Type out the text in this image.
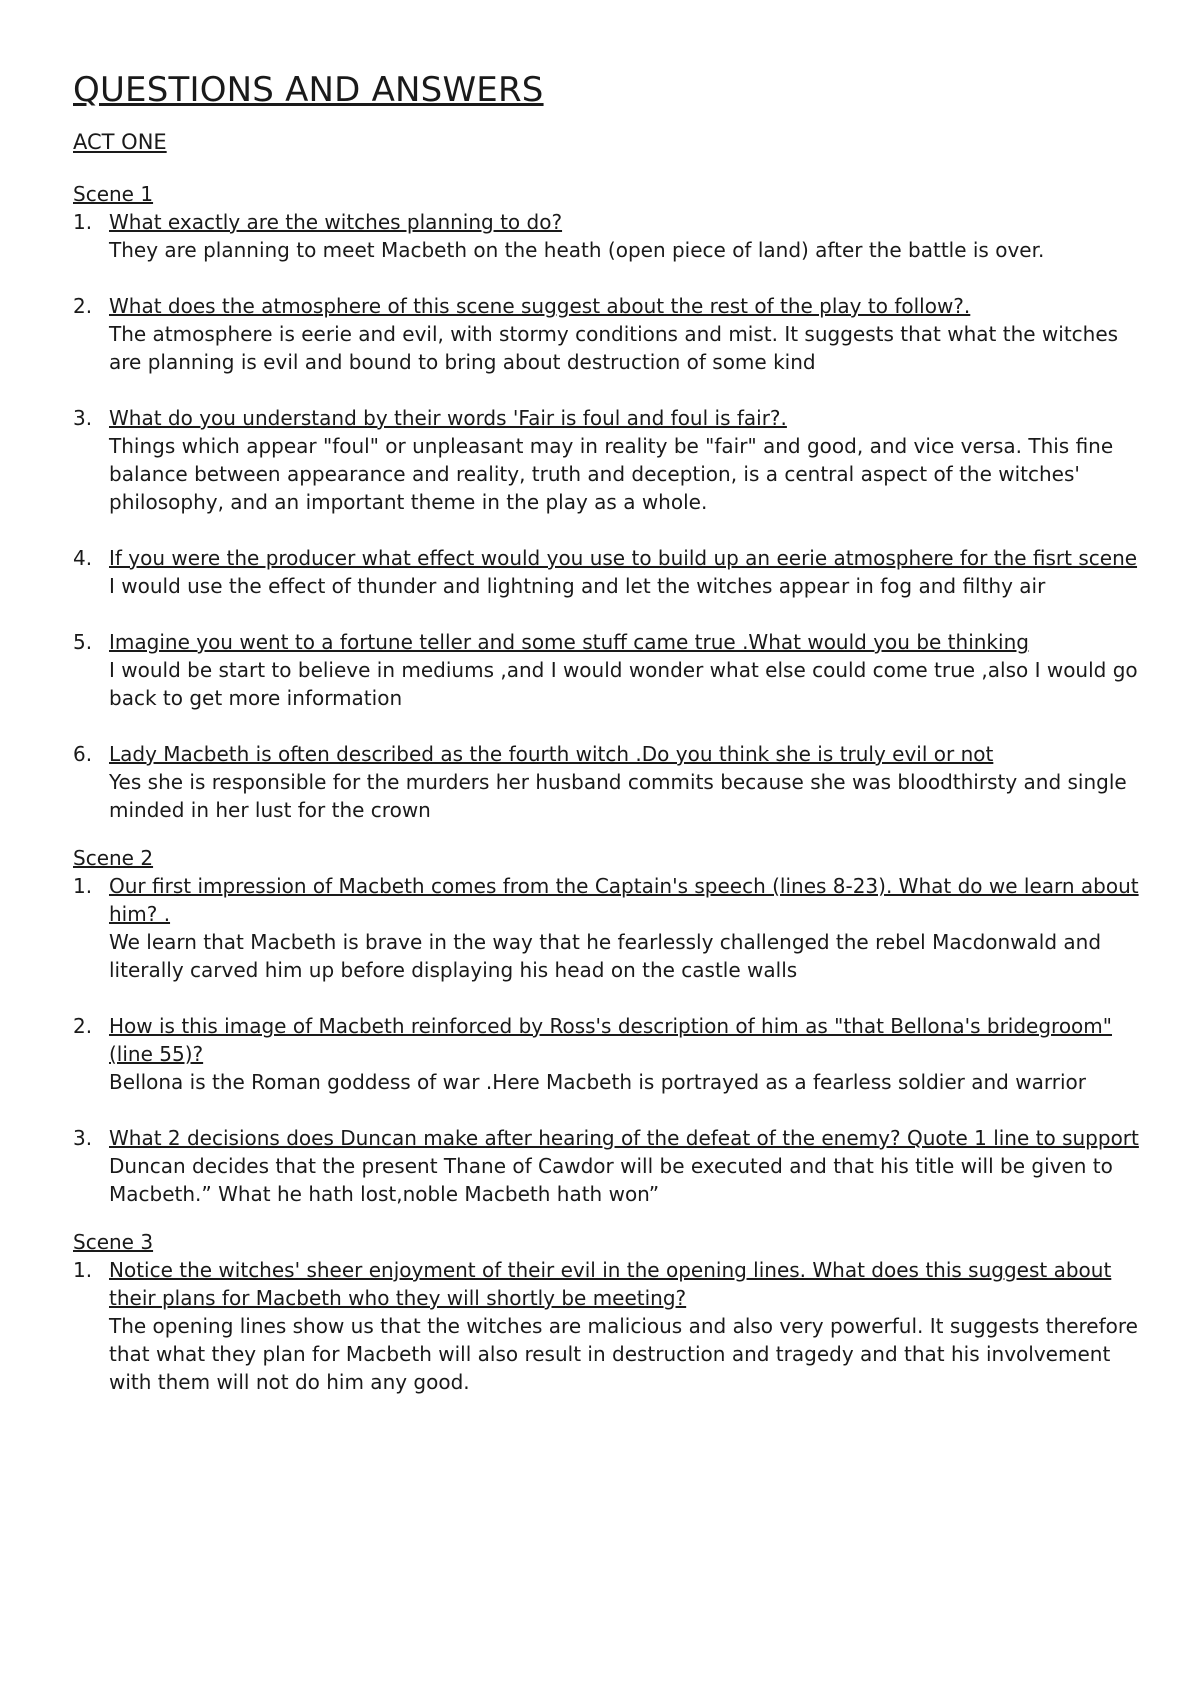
QUESTIONS AND ANSWERS
ACT ONE
Scene 1
1. What exactly are the witches planning to do?
They are planning to meet Macbeth on the heath (open piece of land) after the battle is over.
2. What does the atmosphere of this scene suggest about the rest of the play to follow?.
The atmosphere is eerie and evil, with stormy conditions and mist. It suggests that what the witches are planning is evil and bound to bring about destruction of some kind
3. What do you understand by their words 'Fair is foul and foul is fair?.
Things which appear "foul" or unpleasant may in reality be "fair" and good, and vice versa. This fine balance between appearance and reality, truth and deception, is a central aspect of the witches' philosophy, and an important theme in the play as a whole.
4. If you were the producer what effect would you use to build up an eerie atmosphere for the fisrt scene
I would use the effect of thunder and lightning and let the witches appear in fog and filthy air
5. Imagine you went to a fortune teller and some stuff came true .What would you be thinking
I would be start to believe in mediums ,and I would wonder what else could come true ,also I would go back to get more information
6. Lady Macbeth is often described as the fourth witch .Do you think she is truly evil or not
Yes she is responsible for the murders her husband commits because she was bloodthirsty and single minded in her lust for the crown
Scene 2
1. Our first impression of Macbeth comes from the Captain's speech (lines 8-23). What do we learn about him? .
We learn that Macbeth is brave in the way that he fearlessly challenged the rebel Macdonwald and literally carved him up before displaying his head on the castle walls
2. How is this image of Macbeth reinforced by Ross's description of him as "that Bellona's bridegroom" (line 55)?
Bellona is the Roman goddess of war .Here Macbeth is portrayed as a fearless soldier and warrior
3. What 2 decisions does Duncan make after hearing of the defeat of the enemy? Quote 1 line to support
Duncan decides that the present Thane of Cawdor will be executed and that his title will be given to Macbeth.” What he hath lost,noble Macbeth hath won”
Scene 3
1. Notice the witches' sheer enjoyment of their evil in the opening lines. What does this suggest about their plans for Macbeth who they will shortly be meeting?
The opening lines show us that the witches are malicious and also very powerful. It suggests therefore that what they plan for Macbeth will also result in destruction and tragedy and that his involvement with them will not do him any good.
